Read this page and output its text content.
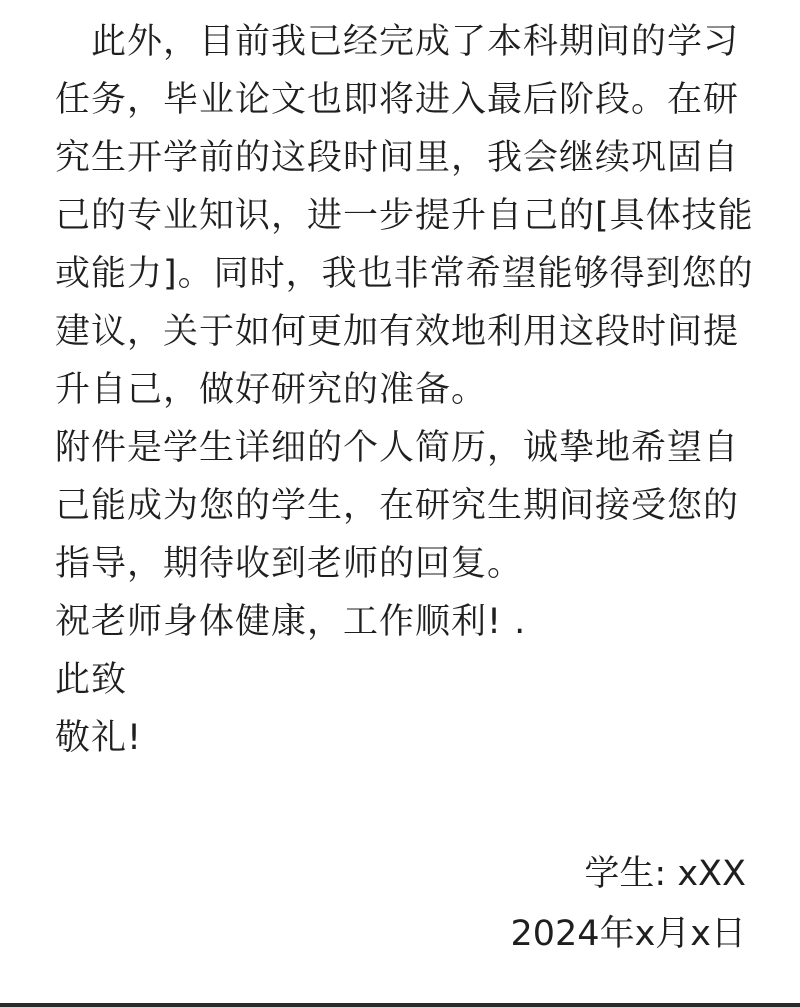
　此外，目前我已经完成了本科期间的学习
任务，毕业论文也即将进入最后阶段。在研
究生开学前的这段时间里，我会继续巩固自
己的专业知识，进一步提升自己的[具体技能
或能力]。同时，我也非常希望能够得到您的
建议，关于如何更加有效地利用这段时间提
升自己，做好研究的准备。
附件是学生详细的个人简历，诚挚地希望自
己能成为您的学生，在研究生期间接受您的
指导，期待收到老师的回复。
祝老师身体健康，工作顺利! .
此致
敬礼!
学生: xXX
2024年x月x日
